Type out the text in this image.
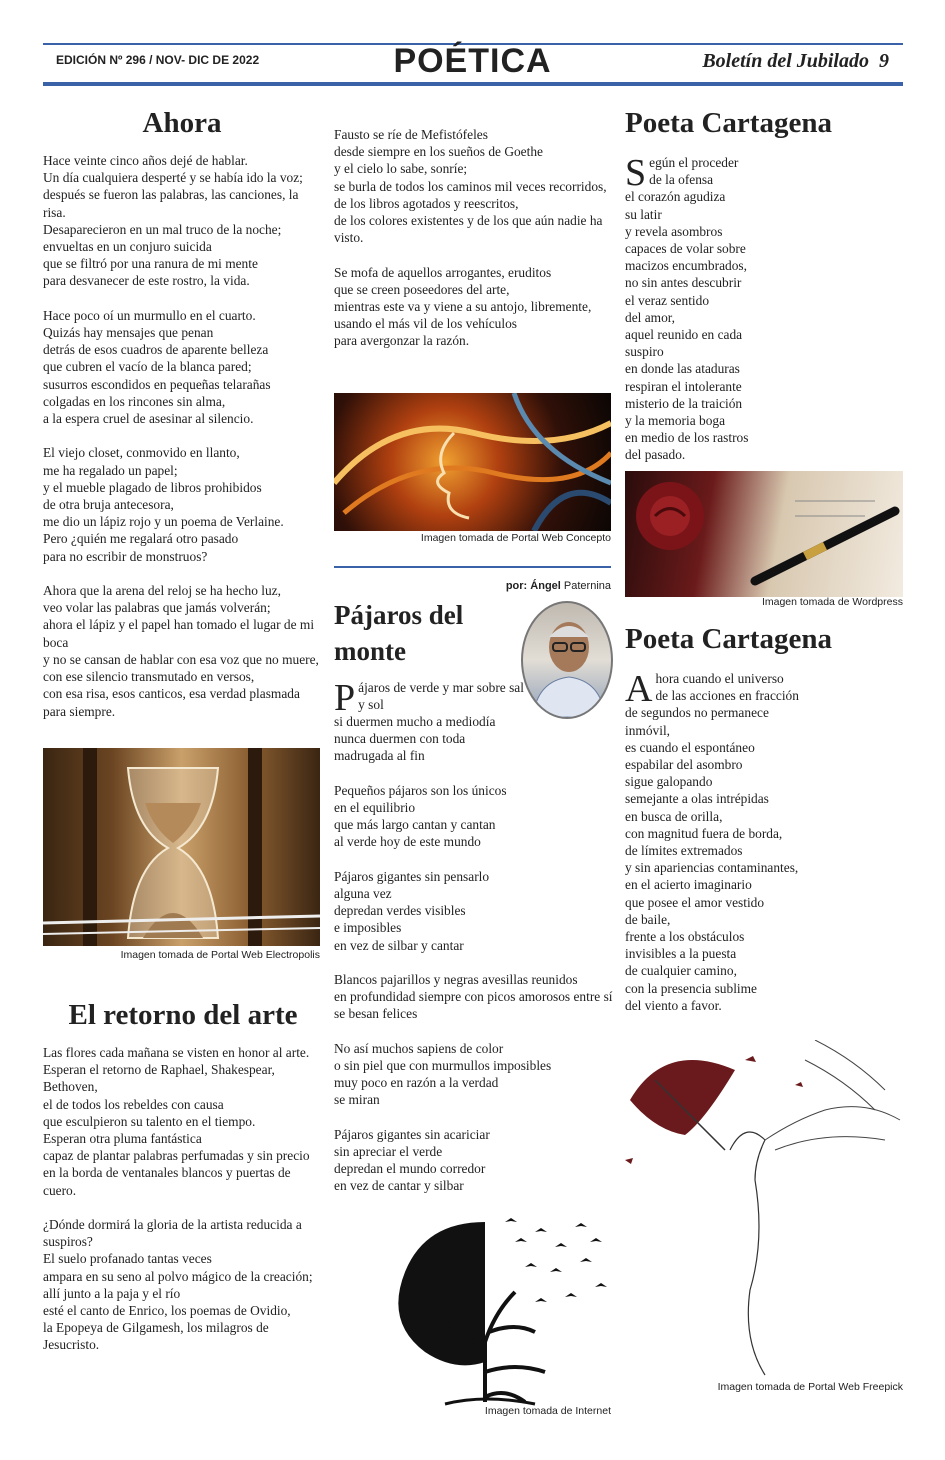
EDICIÓN Nº 296 / NOV- DIC DE 2022	POÉTICA	Boletín del Jubilado 9
Ahora
Hace veinte cinco años dejé de hablar.
Un día cualquiera desperté y se había ido la voz;
después se fueron las palabras, las canciones, la risa.
Desaparecieron en un mal truco de la noche;
envueltas en un conjuro suicida
que se filtró por una ranura de mi mente
para desvanecer de este rostro, la vida.

Hace poco oí un murmullo en el cuarto.
Quizás hay mensajes que penan
detrás de esos cuadros de aparente belleza
que cubren el vacío de la blanca pared;
susurros escondidos en pequeñas telarañas
colgadas en los rincones sin alma,
a la espera cruel de asesinar al silencio.

El viejo closet, conmovido en llanto,
me ha regalado un papel;
y el mueble plagado de libros prohibidos
de otra bruja antecesora,
me dio un lápiz rojo y un poema de Verlaine.
Pero ¿quién me regalará otro pasado
para no escribir de monstruos?

Ahora que la arena del reloj se ha hecho luz,
veo volar las palabras que jamás volverán;
ahora el lápiz y el papel han tomado el lugar de mi boca
y no se cansan de hablar con esa voz que no muere,
con ese silencio transmutado en versos,
con esa risa, esos canticos, esa verdad plasmada para siempre.
Imagen tomada de Portal Web Electropolis
El retorno del arte
Las flores cada mañana se visten en honor al arte.
Esperan el retorno de Raphael, Shakespear, Bethoven,
el de todos los rebeldes con causa
que esculpieron su talento en el tiempo.
Esperan otra pluma fantástica
capaz de plantar palabras perfumadas y sin precio
en la borda de ventanales blancos y puertas de cuero.

¿Dónde dormirá la gloria de la artista reducida a suspiros?
El suelo profanado tantas veces
ampara en su seno al polvo mágico de la creación;
allí junto a la paja y el río
esté el canto de Enrico, los poemas de Ovidio,
la Epopeya de Gilgamesh, los milagros de Jesucristo.
Fausto se ríe de Mefistófeles
desde siempre en los sueños de Goethe
y el cielo lo sabe, sonríe;
se burla de todos los caminos mil veces recorridos,
de los libros agotados y reescritos,
de los colores existentes y de los que aún nadie ha visto.

Se mofa de aquellos arrogantes, eruditos
que se creen poseedores del arte,
mientras este va y viene a su antojo, libremente,
usando el más vil de los vehículos
para avergonzar la razón.
Imagen tomada de Portal Web Concepto
por: Ángel Paternina
Pájaros del monte
Pájaros de verde y mar sobre sal y sol
si duermen mucho a mediodía
nunca duermen con toda
madrugada al fin

Pequeños pájaros son los únicos
en el equilibrio
que más largo cantan y cantan
al verde hoy de este mundo

Pájaros gigantes sin pensarlo
alguna vez
depredan verdes visibles
e imposibles
en vez de silbar y cantar

Blancos pajarillos y negras avesillas reunidos
en profundidad siempre con picos amorosos entre sí
se besan felices

No así muchos sapiens de color
o sin piel que con murmullos imposibles
muy poco en razón a la verdad
se miran

Pájaros gigantes sin acariciar
sin apreciar el verde
depredan el mundo corredor
en vez de cantar y silbar
Imagen tomada de Internet
Poeta Cartagena
Según el proceder
de la ofensa
el corazón agudiza
su latir
y revela asombros
capaces de volar sobre
macizos encumbrados,
no sin antes descubrir
el veraz sentido
del amor,
aquel reunido en cada
suspiro
en donde las ataduras
respiran el intolerante
misterio de la traición
y la memoria boga
en medio de los rastros
del pasado.
Imagen tomada de Wordpress
Poeta Cartagena
Ahora cuando el universo
de las acciones en fracción
de segundos no permanece
inmóvil,
es cuando el espontáneo
espabilar del asombro
sigue galopando
semejante a olas intrépidas
en busca de orilla,
con magnitud fuera de borda,
de límites extremados
y sin apariencias contaminantes,
en el acierto imaginario
que posee el amor vestido
de baile,
frente a los obstáculos
invisibles a la puesta
de cualquier camino,
con la presencia sublime
del viento a favor.
Imagen tomada de Portal Web Freepick
